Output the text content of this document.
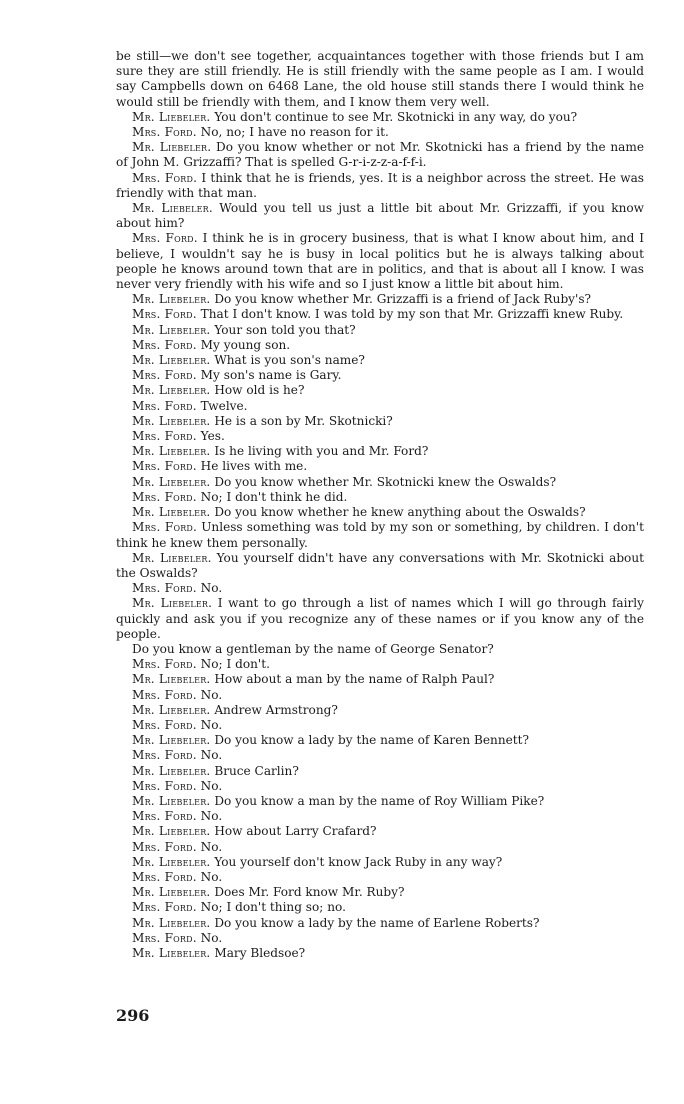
be still—we don't see together, acquaintances together with those friends but I am sure they are still friendly. He is still friendly with the same people as I am. I would say Campbells down on 6468 Lane, the old house still stands there I would think he would still be friendly with them, and I know them very well.

Mr. Liebeler. You don't continue to see Mr. Skotnicki in any way, do you?

Mrs. Ford. No, no; I have no reason for it.

Mr. Liebeler. Do you know whether or not Mr. Skotnicki has a friend by the name of John M. Grizzaffi? That is spelled G-r-i-z-z-a-f-f-i.

Mrs. Ford. I think that he is friends, yes. It is a neighbor across the street. He was friendly with that man.

Mr. Liebeler. Would you tell us just a little bit about Mr. Grizzaffi, if you know about him?

Mrs. Ford. I think he is in grocery business, that is what I know about him, and I believe, I wouldn't say he is busy in local politics but he is always talking about people he knows around town that are in politics, and that is about all I know. I was never very friendly with his wife and so I just know a little bit about him.

Mr. Liebeler. Do you know whether Mr. Grizzaffi is a friend of Jack Ruby's?

Mrs. Ford. That I don't know. I was told by my son that Mr. Grizzaffi knew Ruby.

Mr. Liebeler. Your son told you that?

Mrs. Ford. My young son.

Mr. Liebeler. What is you son's name?

Mrs. Ford. My son's name is Gary.

Mr. Liebeler. How old is he?

Mrs. Ford. Twelve.

Mr. Liebeler. He is a son by Mr. Skotnicki?

Mrs. Ford. Yes.

Mr. Liebeler. Is he living with you and Mr. Ford?

Mrs. Ford. He lives with me.

Mr. Liebeler. Do you know whether Mr. Skotnicki knew the Oswalds?

Mrs. Ford. No; I don't think he did.

Mr. Liebeler. Do you know whether he knew anything about the Oswalds?

Mrs. Ford. Unless something was told by my son or something, by children. I don't think he knew them personally.

Mr. Liebeler. You yourself didn't have any conversations with Mr. Skotnicki about the Oswalds?

Mrs. Ford. No.

Mr. Liebeler. I want to go through a list of names which I will go through fairly quickly and ask you if you recognize any of these names or if you know any of the people.

Do you know a gentleman by the name of George Senator?

Mrs. Ford. No; I don't.

Mr. Liebeler. How about a man by the name of Ralph Paul?

Mrs. Ford. No.

Mr. Liebeler. Andrew Armstrong?

Mrs. Ford. No.

Mr. Liebeler. Do you know a lady by the name of Karen Bennett?

Mrs. Ford. No.

Mr. Liebeler. Bruce Carlin?

Mrs. Ford. No.

Mr. Liebeler. Do you know a man by the name of Roy William Pike?

Mrs. Ford. No.

Mr. Liebeler. How about Larry Crafard?

Mrs. Ford. No.

Mr. Liebeler. You yourself don't know Jack Ruby in any way?

Mrs. Ford. No.

Mr. Liebeler. Does Mr. Ford know Mr. Ruby?

Mrs. Ford. No; I don't thing so; no.

Mr. Liebeler. Do you know a lady by the name of Earlene Roberts?

Mrs. Ford. No.

Mr. Liebeler. Mary Bledsoe?

296
